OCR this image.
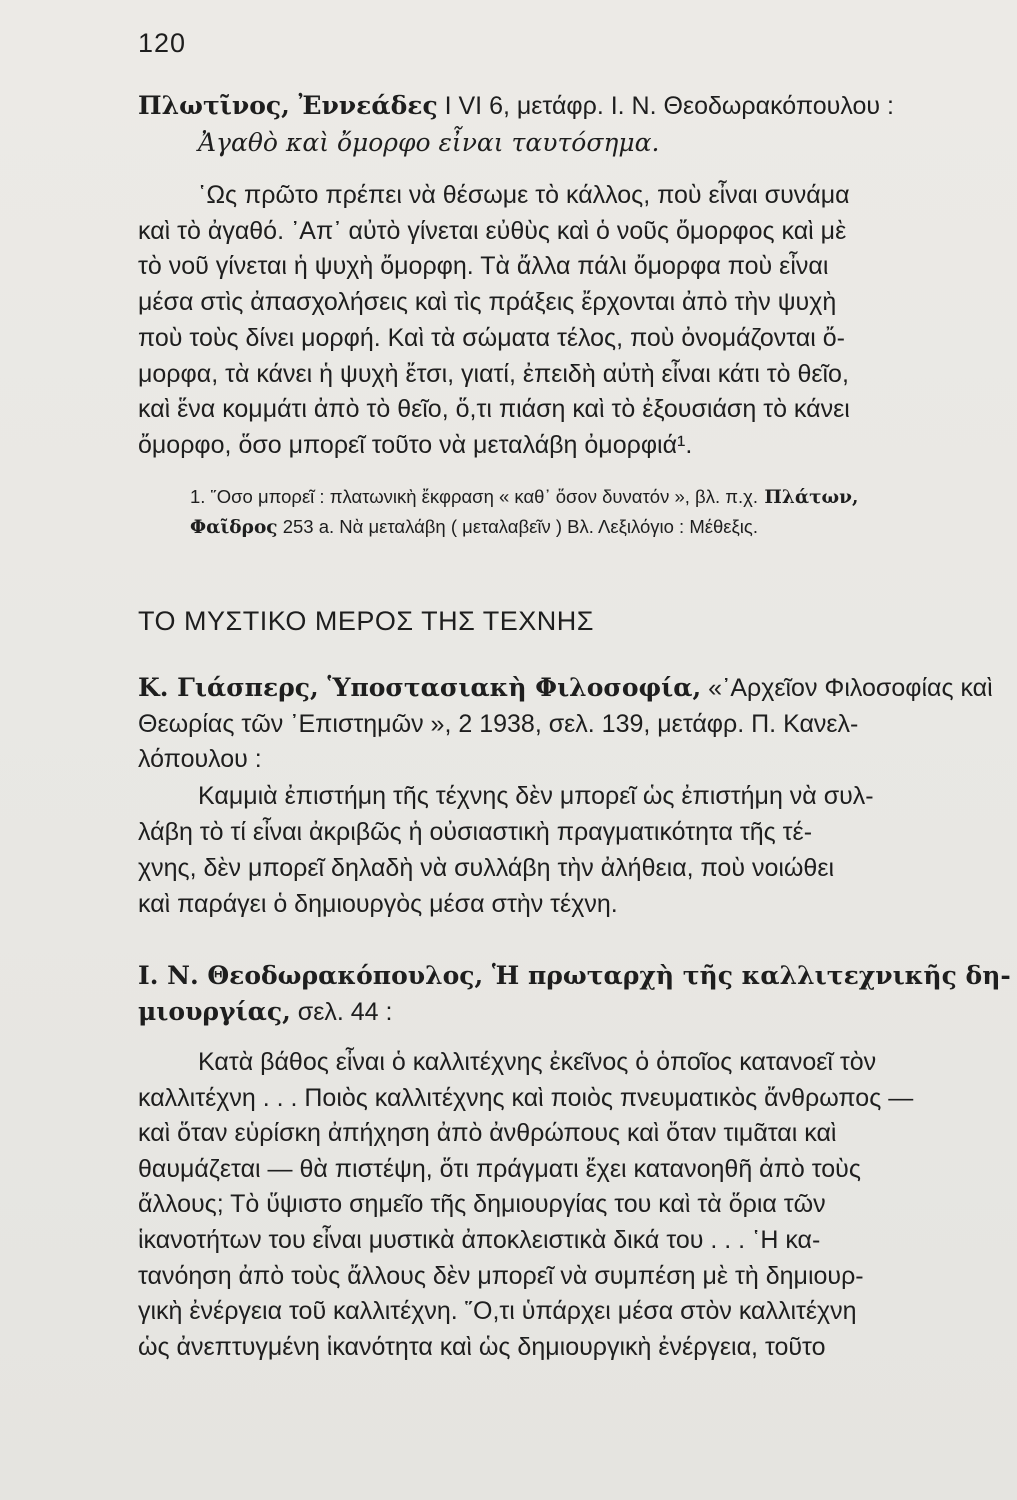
120
Πλωτῖνος, Ἐννεάδες I VI 6, μετάφρ. Ι. Ν. Θεοδωρακόπουλου :
Ἀγαθὸ καὶ ὄμορφο εἶναι ταυτόσημα.
῾Ως πρῶτο πρέπει νὰ θέσωμε τὸ κάλλος, ποὺ εἶναι συνάμα
καὶ τὸ ἀγαθό. ᾿Απ᾽ αὐτὸ γίνεται εὐθὺς καὶ ὁ νοῦς ὄμορφος καὶ μὲ
τὸ νοῦ γίνεται ἡ ψυχὴ ὄμορφη. Τὰ ἄλλα πάλι ὄμορφα ποὺ εἶναι
μέσα στὶς ἀπασχολήσεις καὶ τὶς πράξεις ἔρχονται ἀπὸ τὴν ψυχὴ
ποὺ τοὺς δίνει μορφή. Καὶ τὰ σώματα τέλος, ποὺ ὀνομάζονται ὄ-
μορφα, τὰ κάνει ἡ ψυχὴ ἔτσι, γιατί, ἐπειδὴ αὐτὴ εἶναι κάτι τὸ θεῖο,
καὶ ἕνα κομμάτι ἀπὸ τὸ θεῖο, ὅ,τι πιάση καὶ τὸ ἐξουσιάση τὸ κάνει
ὄμορφο, ὅσο μπορεῖ τοῦτο νὰ μεταλάβη ὀμορφιά¹.
1. ῞Οσο μπορεῖ : πλατωνικὴ ἔκφραση « καθ᾽ ὅσον δυνατόν », βλ. π.χ. Πλάτων,
Φαῖδρος 253 a. Νὰ μεταλάβη ( μεταλαβεῖν ) Βλ. Λεξιλόγιο : Μέθεξις.
ΤΟ ΜΥΣΤΙΚΟ ΜΕΡΟΣ ΤΗΣ ΤΕΧΝΗΣ
Κ. Γιάσπερς, Ὑποστασιακὴ Φιλοσοφία, «᾿Αρχεῖον Φιλοσοφίας καὶ
Θεωρίας τῶν ᾿Επιστημῶν », 2 1938, σελ. 139, μετάφρ. Π. Κανελ-
λόπουλου :
Καμμιὰ ἐπιστήμη τῆς τέχνης δὲν μπορεῖ ὡς ἐπιστήμη νὰ συλ-
λάβη τὸ τί εἶναι ἀκριβῶς ἡ οὐσιαστικὴ πραγματικότητα τῆς τέ-
χνης, δὲν μπορεῖ δηλαδὴ νὰ συλλάβη τὴν ἀλήθεια, ποὺ νοιώθει
καὶ παράγει ὁ δημιουργὸς μέσα στὴν τέχνη.
Ι. Ν. Θεοδωρακόπουλος, Ἡ πρωταρχὴ τῆς καλλιτεχνικῆς δη-
μιουργίας, σελ. 44 :
Κατὰ βάθος εἶναι ὁ καλλιτέχνης ἐκεῖνος ὁ ὁποῖος κατανοεῖ τὸν
καλλιτέχνη . . . Ποιὸς καλλιτέχνης καὶ ποιὸς πνευματικὸς ἄνθρωπος —
καὶ ὅταν εὑρίσκη ἀπήχηση ἀπὸ ἀνθρώπους καὶ ὅταν τιμᾶται καὶ
θαυμάζεται — θὰ πιστέψη, ὅτι πράγματι ἔχει κατανοηθῆ ἀπὸ τοὺς
ἄλλους; Τὸ ὕψιστο σημεῖο τῆς δημιουργίας του καὶ τὰ ὅρια τῶν
ἱκανοτήτων του εἶναι μυστικὰ ἀποκλειστικὰ δικά του . . . ῾Η κα-
τανόηση ἀπὸ τοὺς ἄλλους δὲν μπορεῖ νὰ συμπέση μὲ τὴ δημιουρ-
γικὴ ἐνέργεια τοῦ καλλιτέχνη. ῞Ο,τι ὑπάρχει μέσα στὸν καλλιτέχνη
ὡς ἀνεπτυγμένη ἱκανότητα καὶ ὡς δημιουργικὴ ἐνέργεια, τοῦτο
